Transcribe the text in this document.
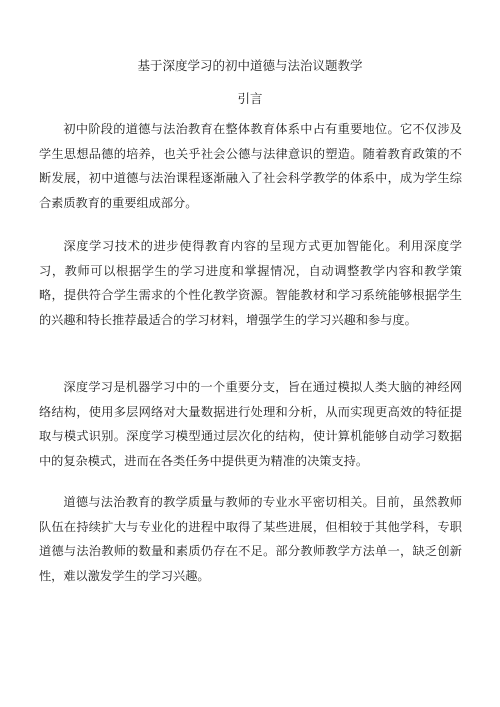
基于深度学习的初中道德与法治议题教学
引言

初中阶段的道德与法治教育在整体教育体系中占有重要地位。它不仅涉及学生思想品德的培养，也关乎社会公德与法律意识的塑造。随着教育政策的不断发展，初中道德与法治课程逐渐融入了社会科学教学的体系中，成为学生综合素质教育的重要组成部分。

深度学习技术的进步使得教育内容的呈现方式更加智能化。利用深度学习，教师可以根据学生的学习进度和掌握情况，自动调整教学内容和教学策略，提供符合学生需求的个性化教学资源。智能教材和学习系统能够根据学生的兴趣和特长推荐最适合的学习材料，增强学生的学习兴趣和参与度。

深度学习是机器学习中的一个重要分支，旨在通过模拟人类大脑的神经网络结构，使用多层网络对大量数据进行处理和分析，从而实现更高效的特征提取与模式识别。深度学习模型通过层次化的结构，使计算机能够自动学习数据中的复杂模式，进而在各类任务中提供更为精准的决策支持。

道德与法治教育的教学质量与教师的专业水平密切相关。目前，虽然教师队伍在持续扩大与专业化的进程中取得了某些进展，但相较于其他学科，专职道德与法治教师的数量和素质仍存在不足。部分教师教学方法单一，缺乏创新性，难以激发学生的学习兴趣。
